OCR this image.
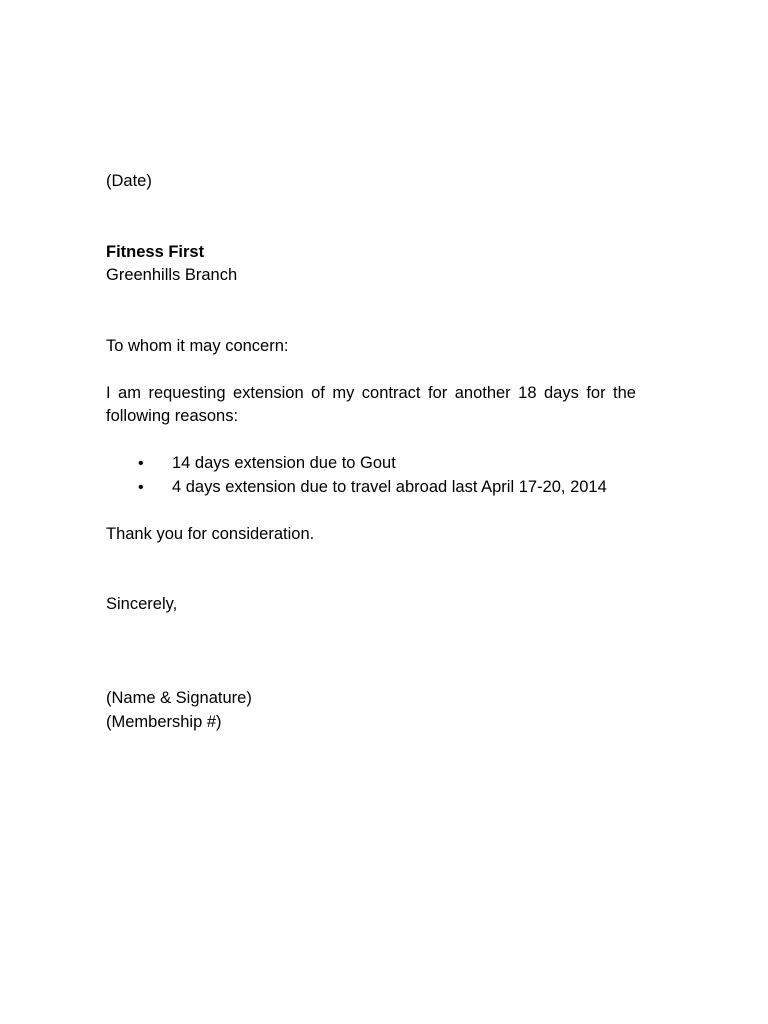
(Date)
Fitness First
Greenhills Branch
To whom it may concern:
I am requesting extension of my contract for another 18 days for the following reasons:
• 14 days extension due to Gout
• 4 days extension due to travel abroad last April 17-20, 2014
Thank you for consideration.
Sincerely,
(Name & Signature)
(Membership #)
